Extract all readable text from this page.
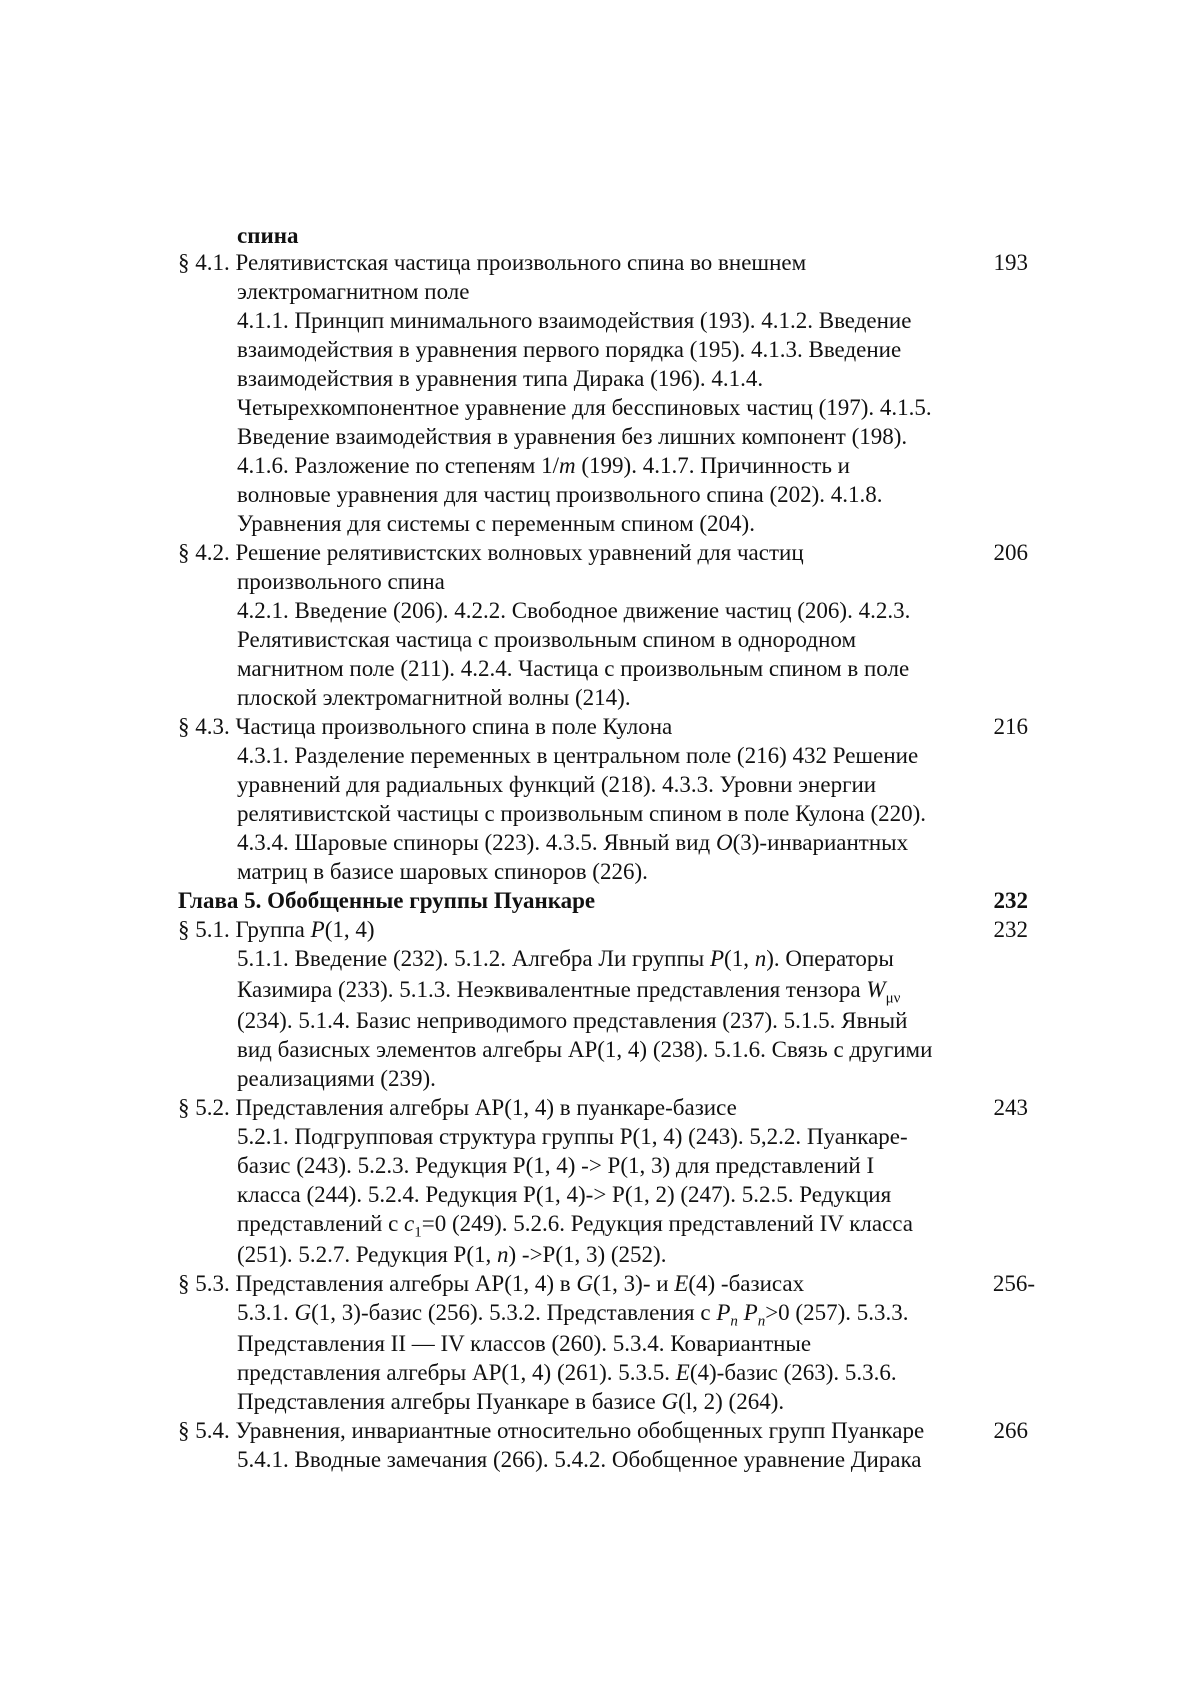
спина
§ 4.1. Релятивистская частица произвольного спина во внешнем	193
электромагнитном поле
4.1.1. Принцип минимального взаимодействия (193). 4.1.2. Введение
взаимодействия в уравнения первого порядка (195). 4.1.3. Введение
взаимодействия в уравнения типа Дирака (196). 4.1.4.
Четырехкомпонентное уравнение для бесспиновых частиц (197). 4.1.5.
Введение взаимодействия в уравнения без лишних компонент (198).
4.1.6. Разложение по степеням 1/m (199). 4.1.7. Причинность и
волновые уравнения для частиц произвольного спина (202). 4.1.8.
Уравнения для системы с переменным спином (204).
§ 4.2. Решение релятивистских волновых уравнений для частиц	206
произвольного спина
4.2.1. Введение (206). 4.2.2. Свободное движение частиц (206). 4.2.3.
Релятивистская частица с произвольным спином в однородном
магнитном поле (211). 4.2.4. Частица с произвольным спином в поле
плоской электромагнитной волны (214).
§ 4.3. Частица произвольного спина в поле Кулона	216
4.3.1. Разделение переменных в центральном поле (216) 432 Решение
уравнений для радиальных функций (218). 4.3.3. Уровни энергии
релятивистской частицы с произвольным спином в поле Кулона (220).
4.3.4. Шаровые спиноры (223). 4.3.5. Явный вид O(3)-инвариантных
матриц в базисе шаровых спиноров (226).
Глава 5. Обобщенные группы Пуанкаре	232
§ 5.1. Группа P(1, 4)	232
5.1.1. Введение (232). 5.1.2. Алгебра Ли группы P(1, n). Операторы
Казимира (233). 5.1.3. Неэквивалентные представления тензора $W_{\mu\nu}$
(234). 5.1.4. Базис неприводимого представления (237). 5.1.5. Явный
вид базисных элементов алгебры АР(1, 4) (238). 5.1.6. Связь с другими
реализациями (239).
§ 5.2. Представления алгебры АР(1, 4) в пуанкаре-базисе	243
5.2.1. Подгрупповая структура группы P(1, 4) (243). 5,2.2. Пуанкаре-
базис (243). 5.2.3. Редукция P(1, 4) -> P(1, 3) для представлений I
класса (244). 5.2.4. Редукция P(1, 4)-> P(1, 2) (247). 5.2.5. Редукция
представлений с $c_1=0$ (249). 5.2.6. Редукция представлений IV класса
(251). 5.2.7. Редукция P(1, n) ->P(1, 3) (252).
§ 5.3. Представления алгебры АР(1, 4) в G(1, 3)- и E(4) -базисах	256-
5.3.1. G(1, 3)-базис (256). 5.3.2. Представления с $P_n$ $P_n>0$ (257). 5.3.3.
Представления II — IV классов (260). 5.3.4. Ковариантные
представления алгебры АР(1, 4) (261). 5.3.5. E(4)-базис (263). 5.3.6.
Представления алгебры Пуанкаре в базисе G(l, 2) (264).
§ 5.4. Уравнения, инвариантные относительно обобщенных групп Пуанкаре	266
5.4.1. Вводные замечания (266). 5.4.2. Обобщенное уравнение Дирака
